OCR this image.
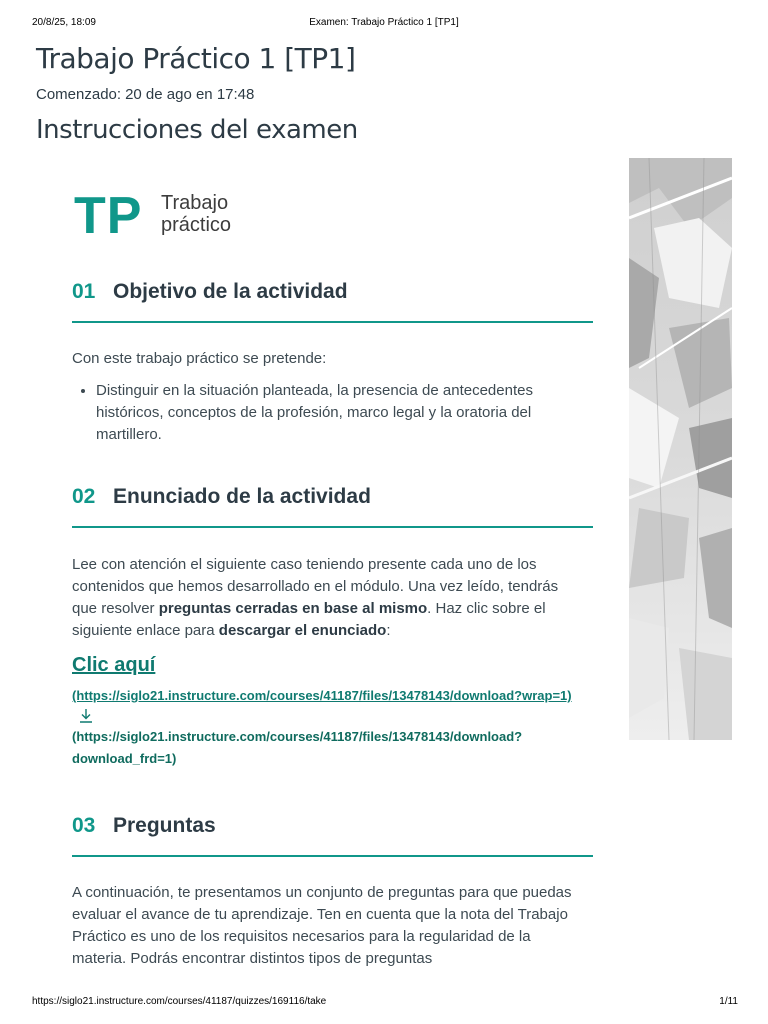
20/8/25, 18:09	Examen: Trabajo Práctico 1 [TP1]
Trabajo Práctico 1 [TP1]
Comenzado: 20 de ago en 17:48
Instrucciones del examen
TP Trabajo
práctico
01 Objetivo de la actividad

Con este trabajo práctico se pretende:

• Distinguir en la situación planteada, la presencia de antecedentes históricos, conceptos de la profesión, marco legal y la oratoria del martillero.
02 Enunciado de la actividad

Lee con atención el siguiente caso teniendo presente cada uno de los contenidos que hemos desarrollado en el módulo. Una vez leído, tendrás que resolver preguntas cerradas en base al mismo. Haz clic sobre el siguiente enlace para descargar el enunciado:

Clic aquí
(https://siglo21.instructure.com/courses/41187/files/13478143/download?wrap=1)
(https://siglo21.instructure.com/courses/41187/files/13478143/download?download_frd=1)
03 Preguntas

A continuación, te presentamos un conjunto de preguntas para que puedas evaluar el avance de tu aprendizaje. Ten en cuenta que la nota del Trabajo Práctico es uno de los requisitos necesarios para la regularidad de la materia. Podrás encontrar distintos tipos de preguntas

https://siglo21.instructure.com/courses/41187/quizzes/169116/take	1/11
